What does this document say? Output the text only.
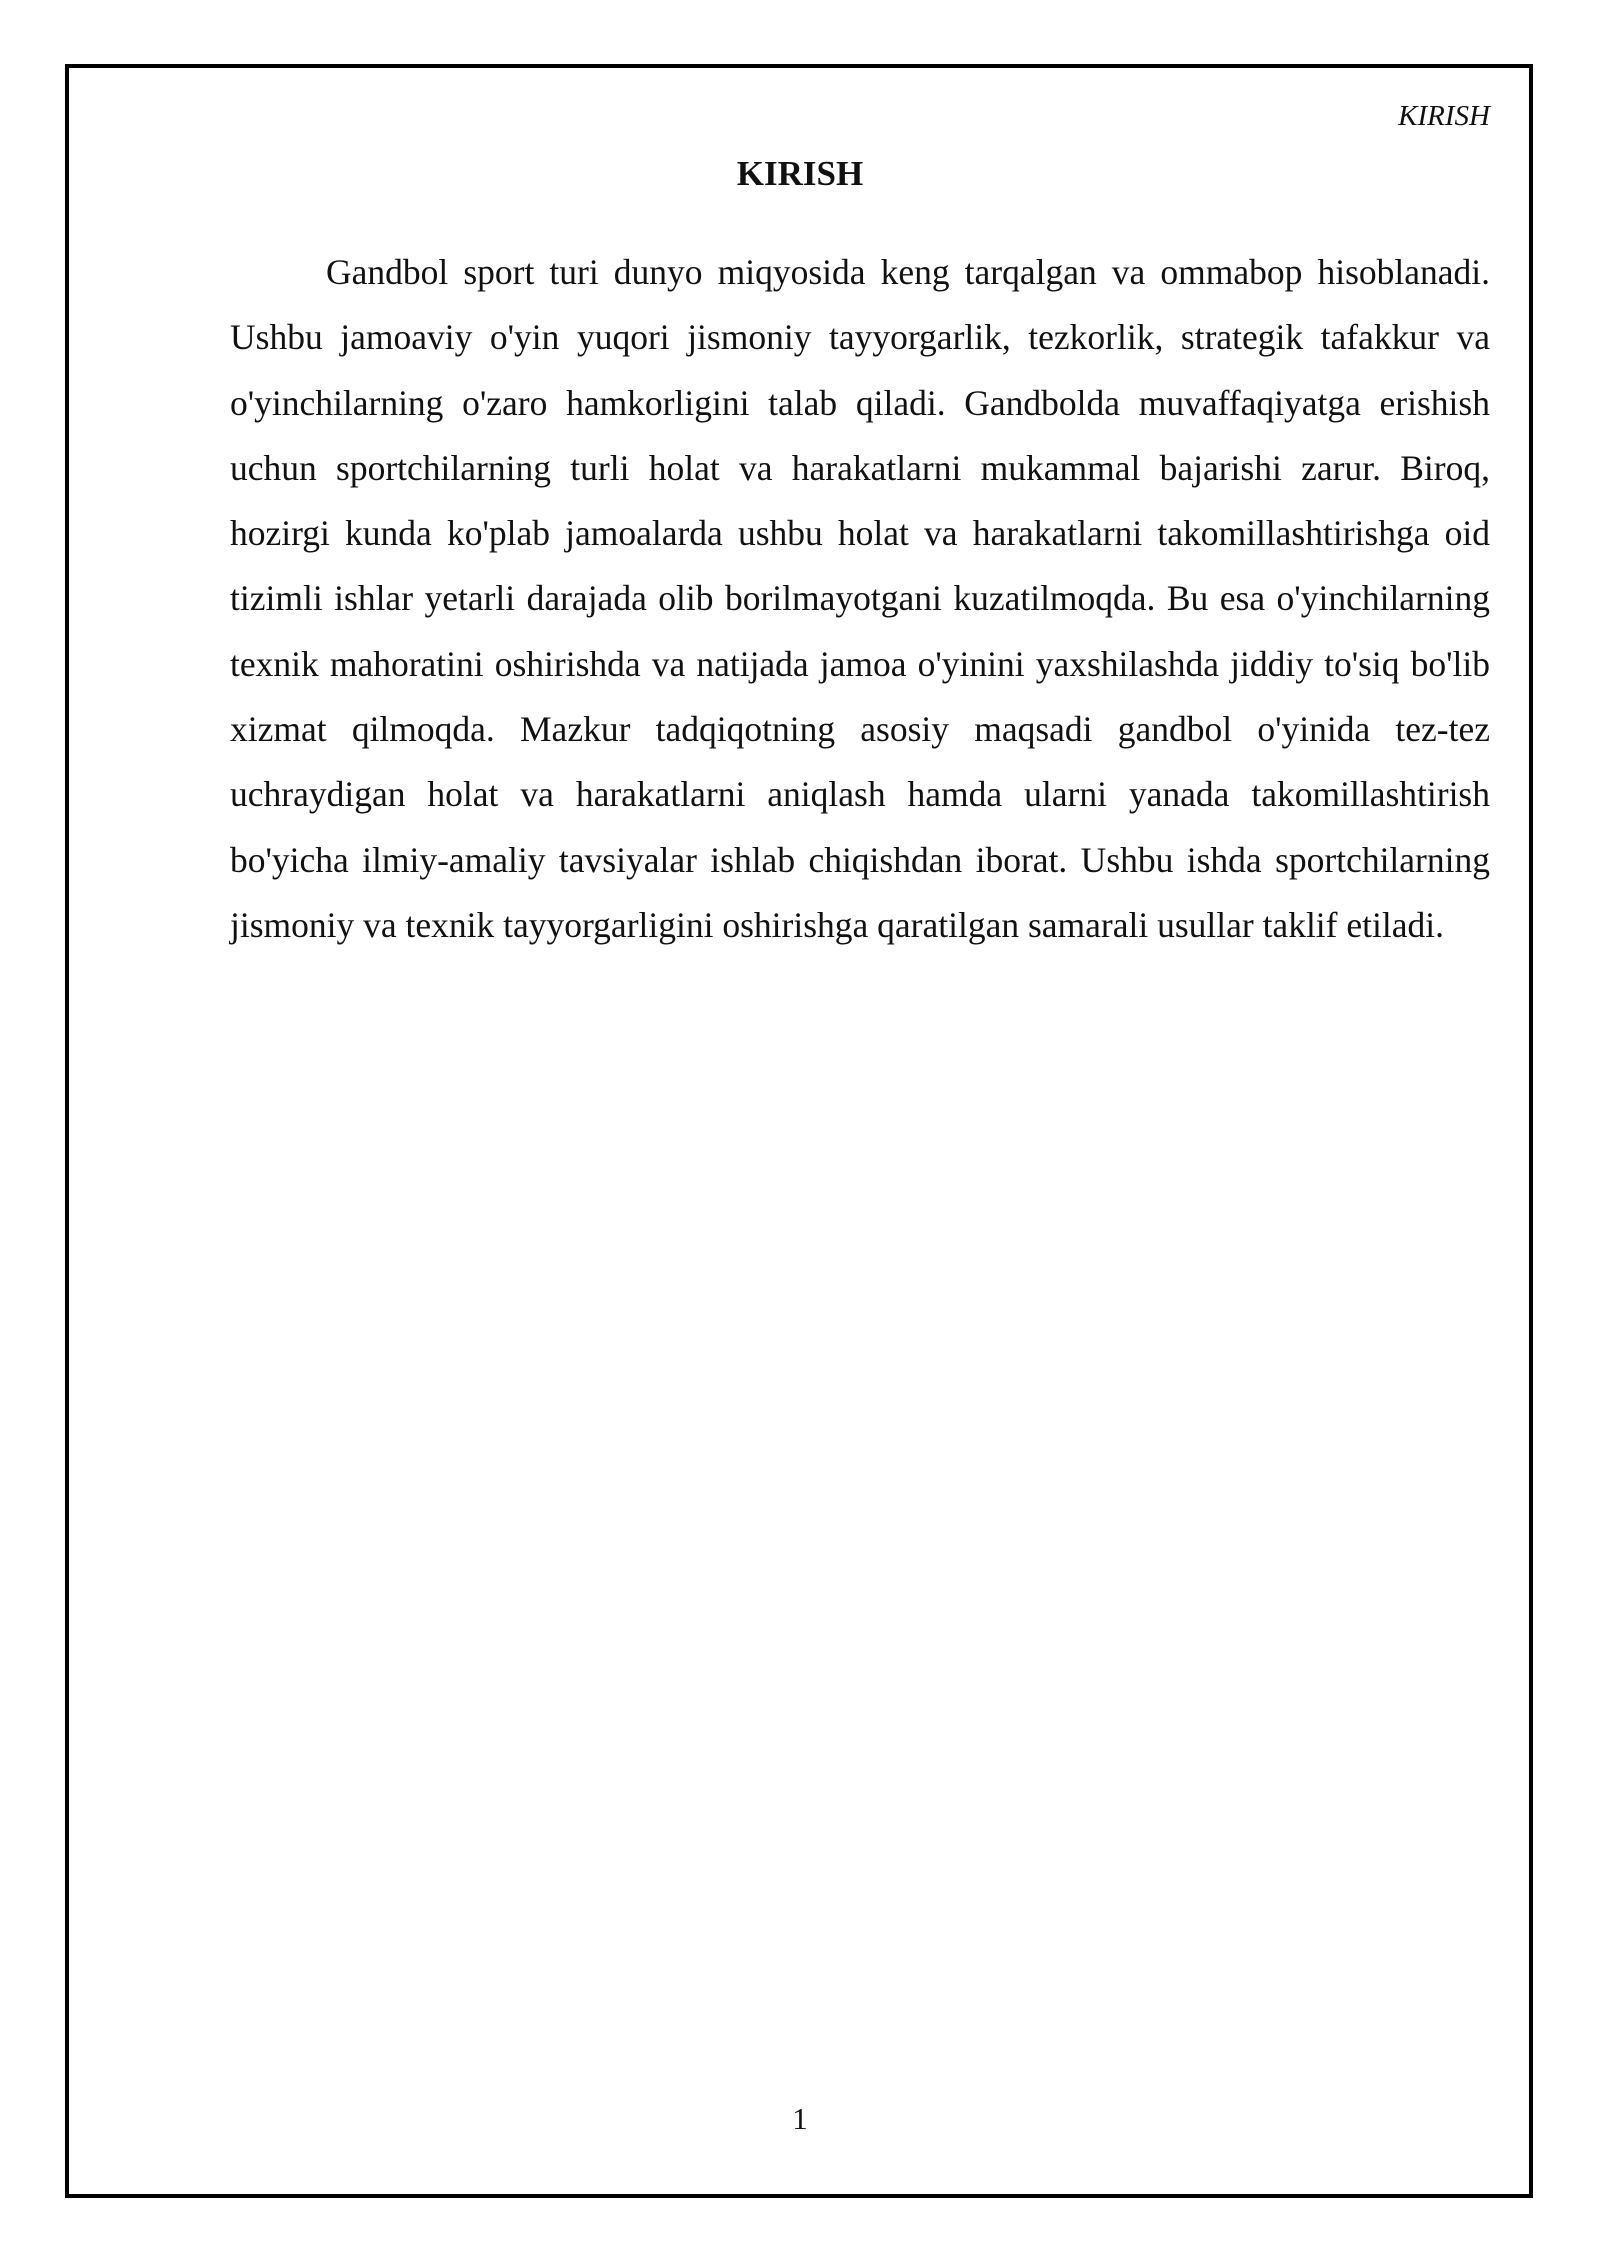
KIRISH
KIRISH

Gandbol sport turi dunyo miqyosida keng tarqalgan va ommabop hisoblanadi. Ushbu jamoaviy o'yin yuqori jismoniy tayyorgarlik, tezkorlik, strategik tafakkur va o'yinchilarning o'zaro hamkorligini talab qiladi. Gandbolda muvaffaqiyatga erishish uchun sportchilarning turli holat va harakatlarni mukammal bajarishi zarur. Biroq, hozirgi kunda ko'plab jamoalarda ushbu holat va harakatlarni takomillashtirishga oid tizimli ishlar yetarli darajada olib borilmayotgani kuzatilmoqda. Bu esa o'yinchilarning texnik mahoratini oshirishda va natijada jamoa o'yinini yaxshilashda jiddiy to'siq bo'lib xizmat qilmoqda. Mazkur tadqiqotning asosiy maqsadi gandbol o'yinida tez-tez uchraydigan holat va harakatlarni aniqlash hamda ularni yanada takomillashtirish bo'yicha ilmiy-amaliy tavsiyalar ishlab chiqishdan iborat. Ushbu ishda sportchilarning jismoniy va texnik tayyorgarligini oshirishga qaratilgan samarali usullar taklif etiladi.

1
